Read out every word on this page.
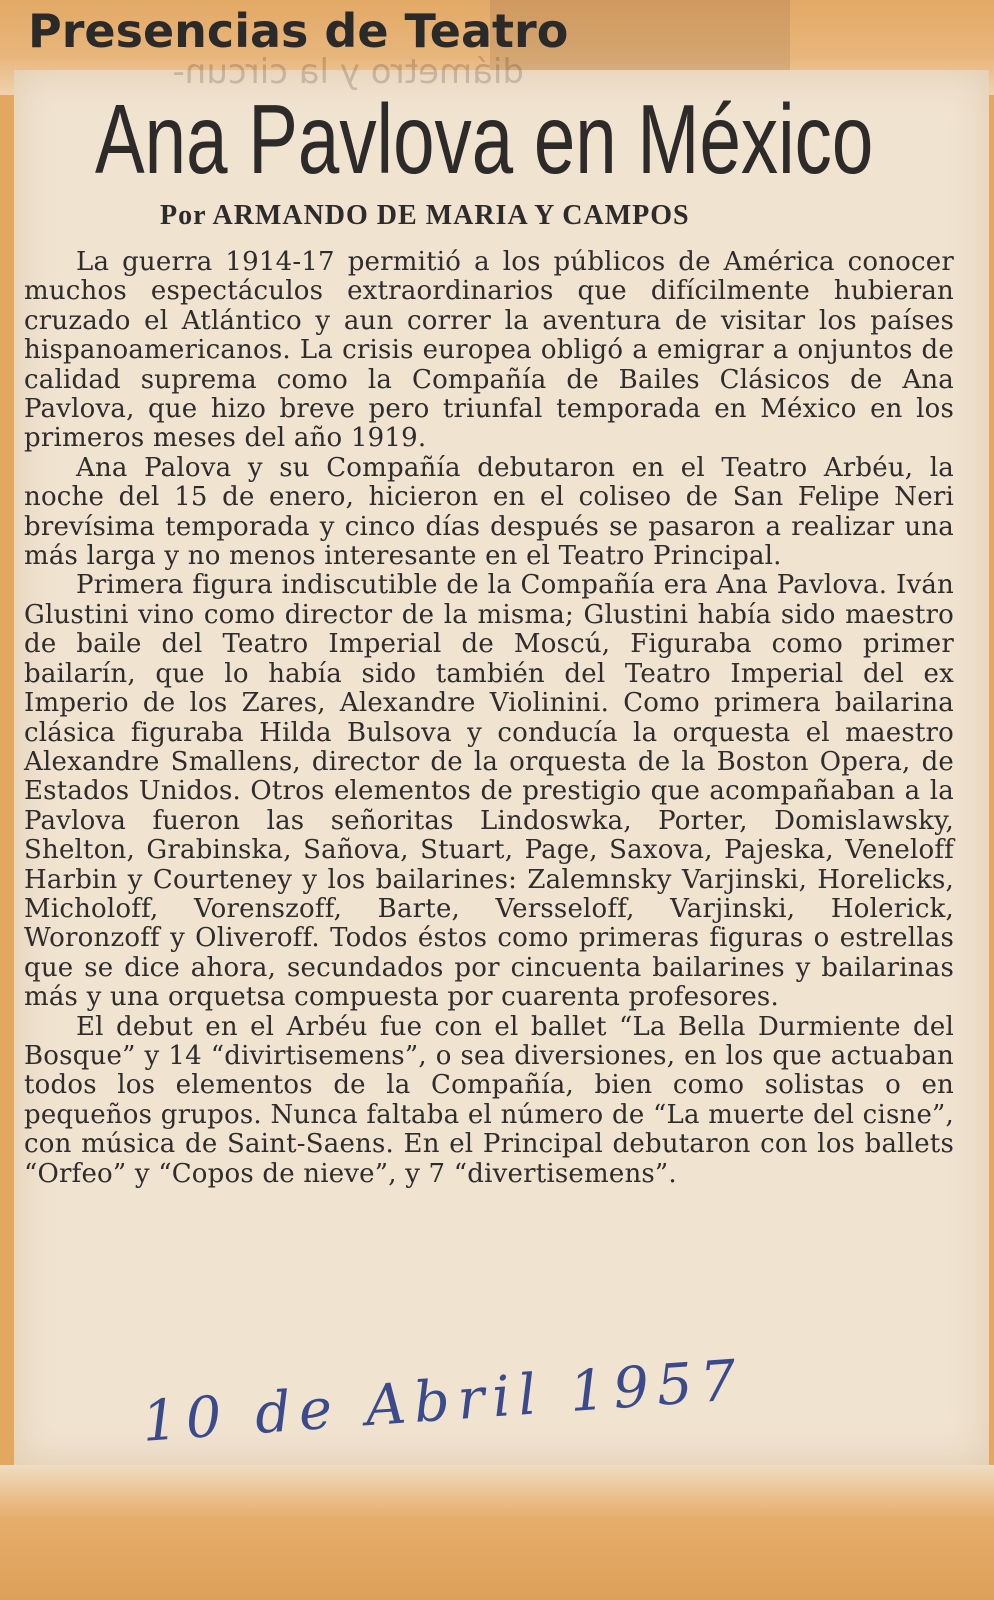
diámetro y la circun-
Presencias de Teatro
Ana Pavlova en México
Por ARMANDO DE MARIA Y CAMPOS

La guerra 1914-17 permitió a los públicos de América conocer muchos espectáculos extraordinarios que difícilmente hubieran cruzado el Atlántico y aun correr la aventura de visitar los países hispanoamericanos. La crisis europea obligó a emigrar a onjuntos de calidad suprema como la Compañía de Bailes Clásicos de Ana Pavlova, que hizo breve pero triunfal temporada en México en los primeros meses del año 1919.

Ana Palova y su Compañía debutaron en el Teatro Arbéu, la noche del 15 de enero, hicieron en el coliseo de San Felipe Neri brevísima temporada y cinco días después se pasaron a realizar una más larga y no menos interesante en el Teatro Principal.

Primera figura indiscutible de la Compañía era Ana Pavlova. Iván Glustini vino como director de la misma; Glustini había sido maestro de baile del Teatro Imperial de Moscú, Figuraba como primer bailarín, que lo había sido también del Teatro Imperial del ex Imperio de los Zares, Alexandre Violinini. Como primera bailarina clásica figuraba Hilda Bulsova y conducía la orquesta el maestro Alexandre Smallens, director de la orquesta de la Boston Opera, de Estados Unidos. Otros elementos de prestigio que acompañaban a la Pavlova fueron las señoritas Lindoswka, Porter, Domislawsky, Shelton, Grabinska, Sañova, Stuart, Page, Saxova, Pajeska, Veneloff Harbin y Courteney y los bailarines: Zalemnsky Varjinski, Horelicks, Micholoff, Vorenszoff, Barte, Versseloff, Varjinski, Holerick, Woronzoff y Oliveroff. Todos éstos como primeras figuras o estrellas que se dice ahora, secundados por cincuenta bailarines y bailarinas más y una orquetsa compuesta por cuarenta profesores.

El debut en el Arbéu fue con el ballet “La Bella Durmiente del Bosque” y 14 “divirtisemens”, o sea diversiones, en los que actuaban todos los elementos de la Compañía, bien como solistas o en pequeños grupos. Nunca faltaba el número de “La muerte del cisne”, con música de Saint-Saens. En el Principal debutaron con los ballets “Orfeo” y “Copos de nieve”, y 7 “divertisemens”.

10 de Abril 1957
